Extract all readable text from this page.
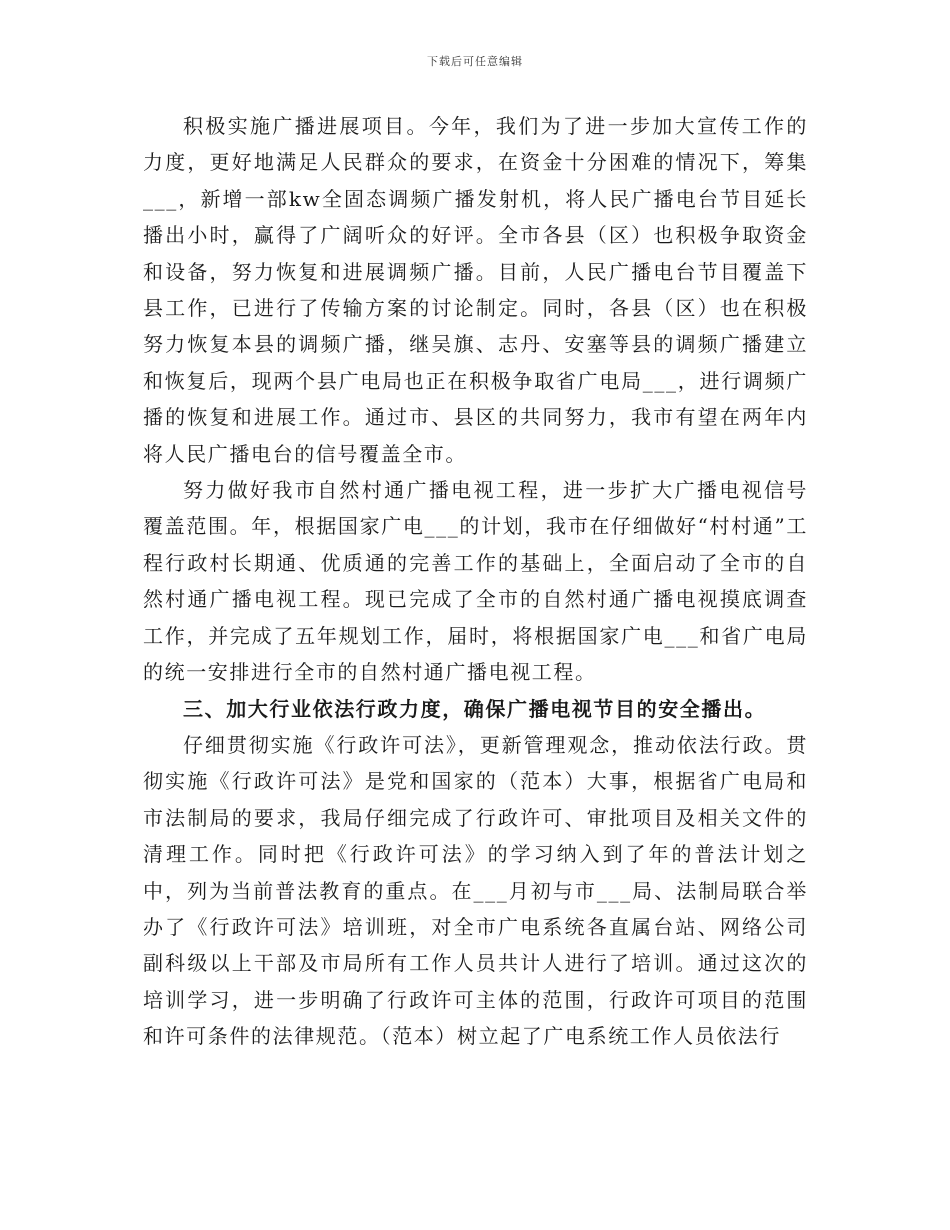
下载后可任意编辑

积极实施广播进展项目。今年，我们为了进一步加大宣传工作的力度，更好地满足人民群众的要求，在资金十分困难的情况下，筹集___，新增一部kw全固态调频广播发射机，将人民广播电台节目延长播出小时，赢得了广阔听众的好评。全市各县（区）也积极争取资金和设备，努力恢复和进展调频广播。目前，人民广播电台节目覆盖下县工作，已进行了传输方案的讨论制定。同时，各县（区）也在积极努力恢复本县的调频广播，继吴旗、志丹、安塞等县的调频广播建立和恢复后，现两个县广电局也正在积极争取省广电局___，进行调频广播的恢复和进展工作。通过市、县区的共同努力，我市有望在两年内将人民广播电台的信号覆盖全市。

努力做好我市自然村通广播电视工程，进一步扩大广播电视信号覆盖范围。年，根据国家广电___的计划，我市在仔细做好“村村通”工程行政村长期通、优质通的完善工作的基础上，全面启动了全市的自然村通广播电视工程。现已完成了全市的自然村通广播电视摸底调查工作，并完成了五年规划工作，届时，将根据国家广电___和省广电局的统一安排进行全市的自然村通广播电视工程。

三、加大行业依法行政力度，确保广播电视节目的安全播出。

仔细贯彻实施《行政许可法》，更新管理观念，推动依法行政。贯彻实施《行政许可法》是党和国家的（范本）大事，根据省广电局和市法制局的要求，我局仔细完成了行政许可、审批项目及相关文件的清理工作。同时把《行政许可法》的学习纳入到了年的普法计划之中，列为当前普法教育的重点。在___月初与市___局、法制局联合举办了《行政许可法》培训班，对全市广电系统各直属台站、网络公司副科级以上干部及市局所有工作人员共计人进行了培训。通过这次的培训学习，进一步明确了行政许可主体的范围，行政许可项目的范围和许可条件的法律规范。（范本）树立起了广电系统工作人员依法行
